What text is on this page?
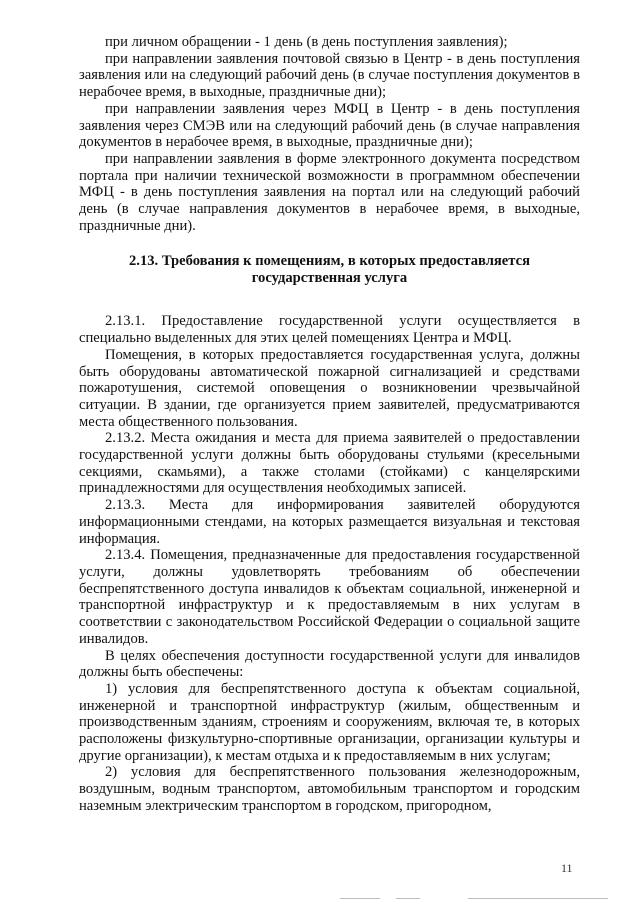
при личном обращении - 1 день (в день поступления заявления);

при направлении заявления почтовой связью в Центр - в день поступления заявления или на следующий рабочий день (в случае поступления документов в нерабочее время, в выходные, праздничные дни);

при направлении заявления через МФЦ в Центр - в день поступления заявления через СМЭВ или на следующий рабочий день (в случае направления документов в нерабочее время, в выходные, праздничные дни);

при направлении заявления в форме электронного документа посредством портала при наличии технической возможности в программном обеспечении МФЦ - в день поступления заявления на портал или на следующий рабочий день (в случае направления документов в нерабочее время, в выходные, праздничные дни).

2.13. Требования к помещениям, в которых предоставляется государственная услуга

2.13.1. Предоставление государственной услуги осуществляется в специально выделенных для этих целей помещениях Центра и МФЦ.

Помещения, в которых предоставляется государственная услуга, должны быть оборудованы автоматической пожарной сигнализацией и средствами пожаротушения, системой оповещения о возникновении чрезвычайной ситуации. В здании, где организуется прием заявителей, предусматриваются места общественного пользования.

2.13.2. Места ожидания и места для приема заявителей о предоставлении государственной услуги должны быть оборудованы стульями (кресельными секциями, скамьями), а также столами (стойками) с канцелярскими принадлежностями для осуществления необходимых записей.

2.13.3. Места для информирования заявителей оборудуются информационными стендами, на которых размещается визуальная и текстовая информация.

2.13.4. Помещения, предназначенные для предоставления государственной услуги, должны удовлетворять требованиям об обеспечении беспрепятственного доступа инвалидов к объектам социальной, инженерной и транспортной инфраструктур и к предоставляемым в них услугам в соответствии с законодательством Российской Федерации о социальной защите инвалидов.

В целях обеспечения доступности государственной услуги для инвалидов должны быть обеспечены:

1) условия для беспрепятственного доступа к объектам социальной, инженерной и транспортной инфраструктур (жилым, общественным и производственным зданиям, строениям и сооружениям, включая те, в которых расположены физкультурно-спортивные организации, организации культуры и другие организации), к местам отдыха и к предоставляемым в них услугам;

2) условия для беспрепятственного пользования железнодорожным, воздушным, водным транспортом, автомобильным транспортом и городским наземным электрическим транспортом в городском, пригородном,

11
